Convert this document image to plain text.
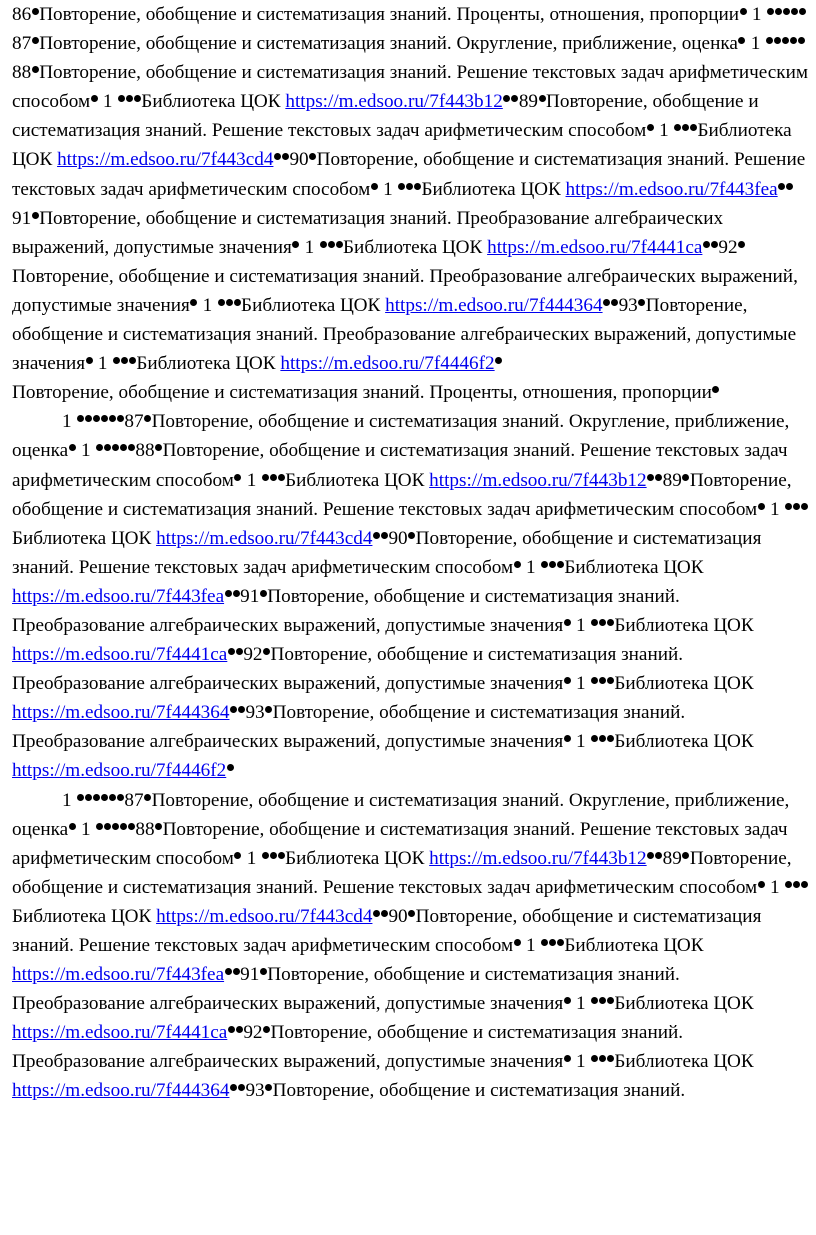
86 Повторение, обобщение и систематизация знаний. Проценты, отношения, пропорции 1 87 Повторение, обобщение и систематизация знаний. Округление, приближение, оценка 1 88 Повторение, обобщение и систематизация знаний. Решение текстовых задач арифметическим способом 1 Библиотека ЦОК https://m.edsoo.ru/7f443b12 89 Повторение, обобщение и систематизация знаний. Решение текстовых задач арифметическим способом 1 Библиотека ЦОК https://m.edsoo.ru/7f443cd4 90 Повторение, обобщение и систематизация знаний. Решение текстовых задач арифметическим способом 1 Библиотека ЦОК https://m.edsoo.ru/7f443fea91 Повторение, обобщение и систематизация знаний. Преобразование алгебраических выражений, допустимые значения 1 Библиотека ЦОК https://m.edsoo.ru/7f4441ca 92Повторение, обобщение и систематизация знаний. Преобразование алгебраических выражений, допустимые значения 1 Библиотека ЦОК https://m.edsoo.ru/7f444364 93 Повторение, обобщение и систематизация знаний. Преобразование алгебраических выражений, допустимые значения 1 Библиотека ЦОК https://m.edsoo.ru/7f4446f2

Повторение, обобщение и систематизация знаний. Проценты, отношения, пропорции
1	87 Повторение, обобщение и систематизация знаний. Округление, приближение, оценка 1 88 Повторение, обобщение и систематизация знаний. Решение текстовых задач арифметическим способом 1 Библиотека ЦОК https://m.edsoo.ru/7f443b12 89 Повторение, обобщение и систематизация знаний. Решение текстовых задач арифметическим способом 1 Библиотека ЦОК https://m.edsoo.ru/7f443cd4 90 Повторение, обобщение и систематизация знаний. Решение текстовых задач арифметическим способом 1 Библиотека ЦОК https://m.edsoo.ru/7f443fea 91 Повторение, обобщение и систематизация знаний. Преобразование алгебраических выражений, допустимые значения 1 Библиотека ЦОК https://m.edsoo.ru/7f4441ca 92 Повторение, обобщение и систематизация знаний. Преобразование алгебраических выражений, допустимые значения 1 Библиотека ЦОК https://m.edsoo.ru/7f444364 93 Повторение, обобщение и систематизация знаний. Преобразование алгебраических выражений, допустимые значения 1 Библиотека ЦОК https://m.edsoo.ru/7f4446f2

1	87 Повторение, обобщение и систематизация знаний. Округление, приближение, оценка 1 88 Повторение, обобщение и систематизация знаний. Решение текстовых задач арифметическим способом 1 Библиотека ЦОК https://m.edsoo.ru/7f443b12 89 Повторение, обобщение и систематизация знаний. Решение текстовых задач арифметическим способом 1 Библиотека ЦОК https://m.edsoo.ru/7f443cd4 90 Повторение, обобщение и систематизация знаний. Решение текстовых задач арифметическим способом 1 Библиотека ЦОК https://m.edsoo.ru/7f443fea 91 Повторение, обобщение и систематизация знаний. Преобразование алгебраических выражений, допустимые значения 1 Библиотека ЦОК https://m.edsoo.ru/7f4441ca 92 Повторение, обобщение и систематизация знаний. Преобразование алгебраических выражений, допустимые значения 1 Библиотека ЦОК https://m.edsoo.ru/7f444364 93 Повторение, обобщение и систематизация знаний.
